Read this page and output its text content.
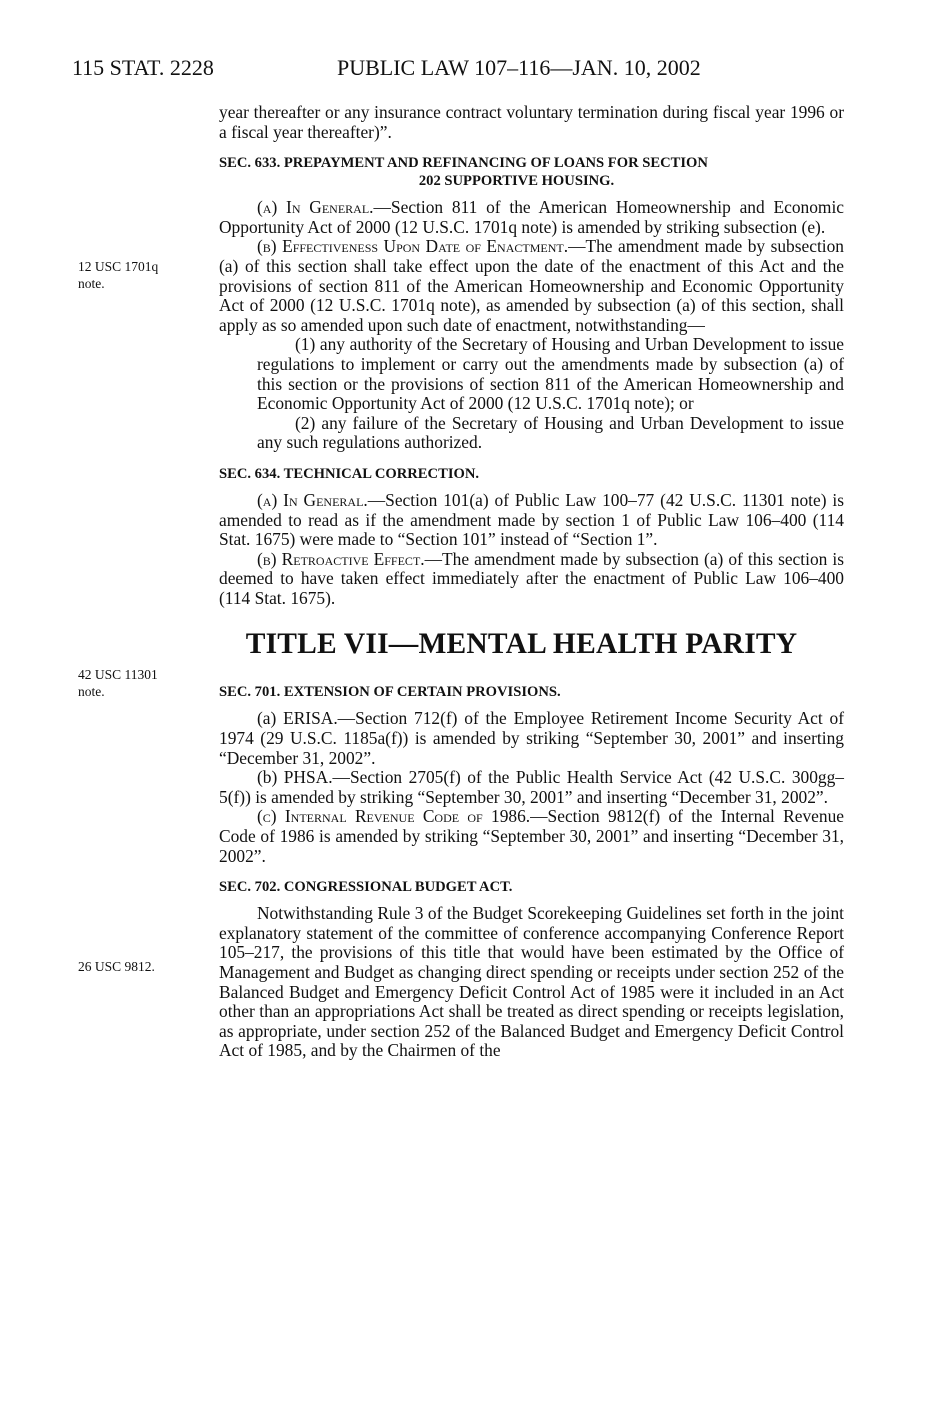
115 STAT. 2228	PUBLIC LAW 107–116—JAN. 10, 2002
12 USC 1701q
note.
42 USC 11301
note.
26 USC 9812.

year thereafter or any insurance contract voluntary termination during fiscal year 1996 or a fiscal year thereafter)”.

SEC. 633. PREPAYMENT AND REFINANCING OF LOANS FOR SECTION
202 SUPPORTIVE HOUSING.

(a) In General.—Section 811 of the American Homeownership and Economic Opportunity Act of 2000 (12 U.S.C. 1701q note) is amended by striking subsection (e).

(b) Effectiveness Upon Date of Enactment.—The amendment made by subsection (a) of this section shall take effect upon the date of the enactment of this Act and the provisions of section 811 of the American Homeownership and Economic Opportunity Act of 2000 (12 U.S.C. 1701q note), as amended by subsection (a) of this section, shall apply as so amended upon such date of enactment, notwithstanding—

(1) any authority of the Secretary of Housing and Urban Development to issue regulations to implement or carry out the amendments made by subsection (a) of this section or the provisions of section 811 of the American Homeownership and Economic Opportunity Act of 2000 (12 U.S.C. 1701q note); or

(2) any failure of the Secretary of Housing and Urban Development to issue any such regulations authorized.

SEC. 634. TECHNICAL CORRECTION.

(a) In General.—Section 101(a) of Public Law 100–77 (42 U.S.C. 11301 note) is amended to read as if the amendment made by section 1 of Public Law 106–400 (114 Stat. 1675) were made to “Section 101” instead of “Section 1”.

(b) Retroactive Effect.—The amendment made by subsection (a) of this section is deemed to have taken effect immediately after the enactment of Public Law 106–400 (114 Stat. 1675).

TITLE VII—MENTAL HEALTH PARITY
SEC. 701. EXTENSION OF CERTAIN PROVISIONS.

(a) ERISA.—Section 712(f) of the Employee Retirement Income Security Act of 1974 (29 U.S.C. 1185a(f)) is amended by striking “September 30, 2001” and inserting “December 31, 2002”.

(b) PHSA.—Section 2705(f) of the Public Health Service Act (42 U.S.C. 300gg–5(f)) is amended by striking “September 30, 2001” and inserting “December 31, 2002”.

(c) Internal Revenue Code of 1986.—Section 9812(f) of the Internal Revenue Code of 1986 is amended by striking “September 30, 2001” and inserting “December 31, 2002”.

SEC. 702. CONGRESSIONAL BUDGET ACT.

Notwithstanding Rule 3 of the Budget Scorekeeping Guidelines set forth in the joint explanatory statement of the committee of conference accompanying Conference Report 105–217, the provisions of this title that would have been estimated by the Office of Management and Budget as changing direct spending or receipts under section 252 of the Balanced Budget and Emergency Deficit Control Act of 1985 were it included in an Act other than an appropriations Act shall be treated as direct spending or receipts legislation, as appropriate, under section 252 of the Balanced Budget and Emergency Deficit Control Act of 1985, and by the Chairmen of the
